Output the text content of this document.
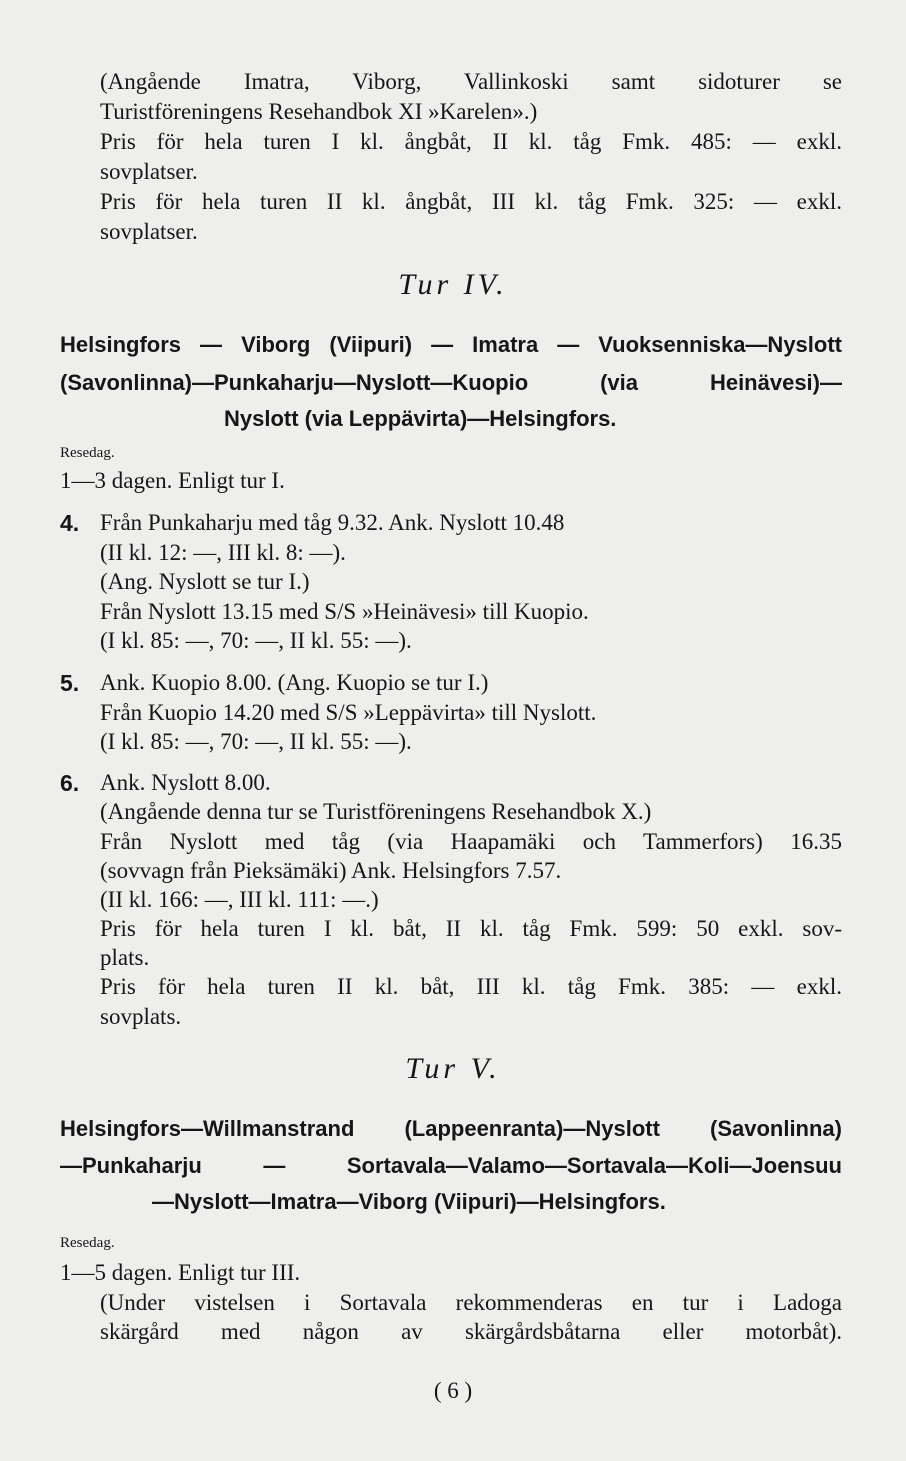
(Angående Imatra, Viborg, Vallinkoski samt sidoturer se

Turistföreningens Resehandbok XI »Karelen».)

Pris för hela turen I kl. ångbåt, II kl. tåg Fmk. 485: — exkl.

sovplatser.

Pris för hela turen II kl. ångbåt, III kl. tåg Fmk. 325: — exkl.

sovplatser.

Tur IV.

Helsingfors — Viborg (Viipuri) — Imatra — Vuoksenniska—Nyslott

(Savonlinna)—Punkaharju—Nyslott—Kuopio (via Heinävesi)—

Nyslott (via Leppävirta)—Helsingfors.

Resedag.

1—3 dagen. Enligt tur I.

4. Från Punkaharju med tåg 9.32. Ank. Nyslott 10.48

(II kl. 12: —, III kl. 8: —).

(Ang. Nyslott se tur I.)

Från Nyslott 13.15 med S/S »Heinävesi» till Kuopio.

(I kl. 85: —, 70: —, II kl. 55: —).

5. Ank. Kuopio 8.00. (Ang. Kuopio se tur I.)

Från Kuopio 14.20 med S/S »Leppävirta» till Nyslott.

(I kl. 85: —, 70: —, II kl. 55: —).

6. Ank. Nyslott 8.00.

(Angående denna tur se Turistföreningens Resehandbok X.)

Från Nyslott med tåg (via Haapamäki och Tammerfors) 16.35

(sovvagn från Pieksämäki) Ank. Helsingfors 7.57.

(II kl. 166: —, III kl. 111: —.)

Pris för hela turen I kl. båt, II kl. tåg Fmk. 599: 50 exkl. sov-

plats.

Pris för hela turen II kl. båt, III kl. tåg Fmk. 385: — exkl.

sovplats.

Tur V.

Helsingfors—Willmanstrand (Lappeenranta)—Nyslott (Savonlinna)

—Punkaharju — Sortavala—Valamo—Sortavala—Koli—Joensuu

—Nyslott—Imatra—Viborg (Viipuri)—Helsingfors.

Resedag.

1—5 dagen. Enligt tur III.

(Under vistelsen i Sortavala rekommenderas en tur i Ladoga

skärgård med någon av skärgårdsbåtarna eller motorbåt).

( 6 )
